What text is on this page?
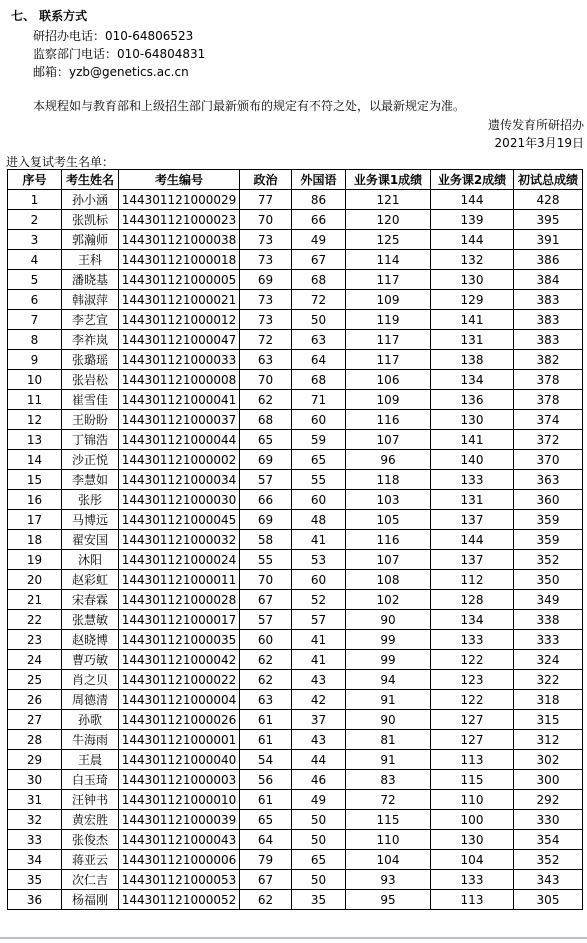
七、 联系方式
研招办电话：010-64806523
监察部门电话：010-64804831
邮箱：yzb@genetics.ac.cn
本规程如与教育部和上级招生部门最新颁布的规定有不符之处，以最新规定为准。
遗传发育所研招办
2021年3月19日
进入复试考生名单：
序号	考生姓名	考生编号	政治	外国语	业务课1成绩	业务课2成绩	初试总成绩
1	孙小涵	144301121000029	77	86	121	144	428
2	张凯标	144301121000023	70	66	120	139	395
3	郭瀚师	144301121000038	73	49	125	144	391
4	王科	144301121000018	73	67	114	132	386
5	潘晓基	144301121000005	69	68	117	130	384
6	韩淑萍	144301121000021	73	72	109	129	383
7	李艺宣	144301121000012	73	50	119	141	383
8	李祚岚	144301121000047	72	63	117	131	383
9	张璐瑶	144301121000033	63	64	117	138	382
10	张岩松	144301121000008	70	68	106	134	378
11	崔雪佳	144301121000041	62	71	109	136	378
12	王盼盼	144301121000037	68	60	116	130	374
13	丁锦浩	144301121000044	65	59	107	141	372
14	沙正悦	144301121000002	69	65	96	140	370
15	李慧如	144301121000034	57	55	118	133	363
16	张彤	144301121000030	66	60	103	131	360
17	马博远	144301121000045	69	48	105	137	359
18	翟安国	144301121000032	58	41	116	144	359
19	沐阳	144301121000024	55	53	107	137	352
20	赵彩虹	144301121000011	70	60	108	112	350
21	宋春霖	144301121000028	67	52	102	128	349
22	张慧敏	144301121000017	57	57	90	134	338
23	赵晓博	144301121000035	60	41	99	133	333
24	曹巧敏	144301121000042	62	41	99	122	324
25	肖之贝	144301121000022	62	43	94	123	322
26	周德清	144301121000004	63	42	91	122	318
27	孙歌	144301121000026	61	37	90	127	315
28	牛海雨	144301121000001	61	43	81	127	312
29	王晨	144301121000040	54	44	91	113	302
30	白玉琦	144301121000003	56	46	83	115	300
31	汪钟书	144301121000010	61	49	72	110	292
32	黄宏胜	144301121000039	65	50	115	100	330
33	张俊杰	144301121000043	64	50	110	130	354
34	蒋亚云	144301121000006	79	65	104	104	352
35	次仁吉	144301121000053	67	50	93	133	343
36	杨福刚	144301121000052	62	35	95	113	305
